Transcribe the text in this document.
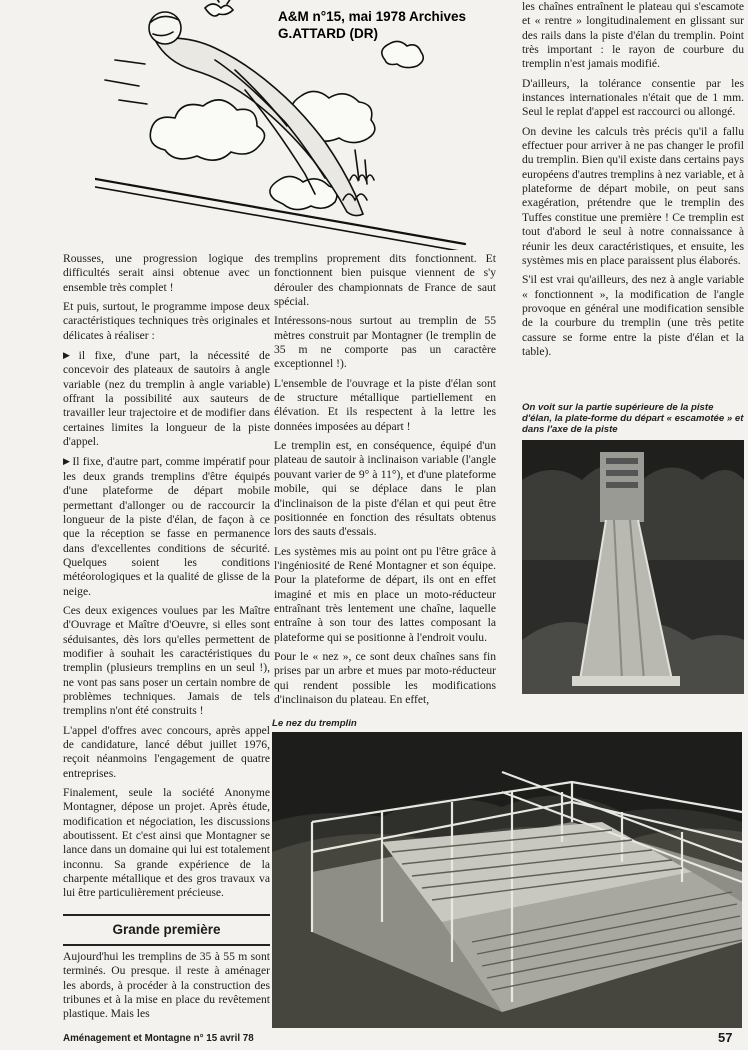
A&M n°15, mai 1978 Archives
G.ATTARD (DR)

Rousses, une progression logique des difficultés serait ainsi obtenue avec un ensemble très complet !

Et puis, surtout, le programme impose deux caractéristiques techniques très originales et délicates à réaliser :

▶ il fixe, d'une part, la nécessité de concevoir des plateaux de sautoirs à angle variable (nez du tremplin à angle variable) offrant la possibilité aux sauteurs de travailler leur trajectoire et de modifier dans certaines limites la longueur de la piste d'appel.

▶ Il fixe, d'autre part, comme impératif pour les deux grands tremplins d'être équipés d'une plateforme de départ mobile permettant d'allonger ou de raccourcir la longueur de la piste d'élan, de façon à ce que la réception se fasse en permanence dans d'excellentes conditions de sécurité. Quelques soient les conditions météorologiques et la qualité de glisse de la neige.

Ces deux exigences voulues par les Maître d'Ouvrage et Maître d'Oeuvre, si elles sont séduisantes, dès lors qu'elles permettent de modifier à souhait les caractéristiques du tremplin (plusieurs tremplins en un seul !), ne vont pas sans poser un certain nombre de problèmes techniques. Jamais de tels tremplins n'ont été construits !

L'appel d'offres avec concours, après appel de candidature, lancé début juillet 1976, reçoit néanmoins l'engagement de quatre entreprises.

Finalement, seule la société Anonyme Montagner, dépose un projet. Après étude, modification et négociation, les discussions aboutissent. Et c'est ainsi que Montagner se lance dans un domaine qui lui est totalement inconnu. Sa grande expérience de la charpente métallique et des gros travaux va lui être particulièrement précieuse.

Grande première

Aujourd'hui les tremplins de 35 à 55 m sont terminés. Ou presque. il reste à aménager les abords, à procéder à la construction des tribunes et à la mise en place du revêtement plastique. Mais les

tremplins proprement dits fonctionnent. Et fonctionnent bien puisque viennent de s'y dérouler des championnats de France de saut spécial.

Intéressons-nous surtout au tremplin de 55 mètres construit par Montagner (le tremplin de 35 m ne comporte pas un caractère exceptionnel !).

L'ensemble de l'ouvrage et la piste d'élan sont de structure métallique partiellement en élévation. Et ils respectent à la lettre les données imposées au départ !

Le tremplin est, en conséquence, équipé d'un plateau de sautoir à inclinaison variable (l'angle pouvant varier de 9° à 11°), et d'une plateforme mobile, qui se déplace dans le plan d'inclinaison de la piste d'élan et qui peut être positionnée en fonction des résultats obtenus lors des sauts d'essais.

Les systèmes mis au point ont pu l'être grâce à l'ingéniosité de René Montagner et son équipe. Pour la plateforme de départ, ils ont en effet imaginé et mis en place un moto-réducteur entraînant très lentement une chaîne, laquelle entraîne à son tour des lattes composant la plateforme qui se positionne à l'endroit voulu.

Pour le « nez », ce sont deux chaînes sans fin prises par un arbre et mues par moto-réducteur qui rendent possible les modifications d'inclinaison du plateau. En effet,

les chaînes entraînent le plateau qui s'escamote et « rentre » longitudinalement en glissant sur des rails dans la piste d'élan du tremplin. Point très important : le rayon de courbure du tremplin n'est jamais modifié.

D'ailleurs, la tolérance consentie par les instances internationales n'était que de 1 mm. Seul le replat d'appel est raccourci ou allongé.

On devine les calculs très précis qu'il a fallu effectuer pour arriver à ne pas changer le profil du tremplin. Bien qu'il existe dans certains pays européens d'autres tremplins à nez variable, et à plateforme de départ mobile, on peut sans exagération, prétendre que le tremplin des Tuffes constitue une première ! Ce tremplin est tout d'abord le seul à notre connaissance à réunir les deux caractéristiques, et ensuite, les systèmes mis en place paraissent plus élaborés.

S'il est vrai qu'ailleurs, des nez à angle variable « fonctionnent », la modification de l'angle provoque en général une modification sensible de la courbure du tremplin (une très petite cassure se forme entre la piste d'élan et la table).

On voit sur la partie supérieure de la piste d'élan, la plate-forme du départ « escamotée » et dans l'axe de la piste
Le nez du tremplin
Aménagement et Montagne n° 15 avril 78	57
